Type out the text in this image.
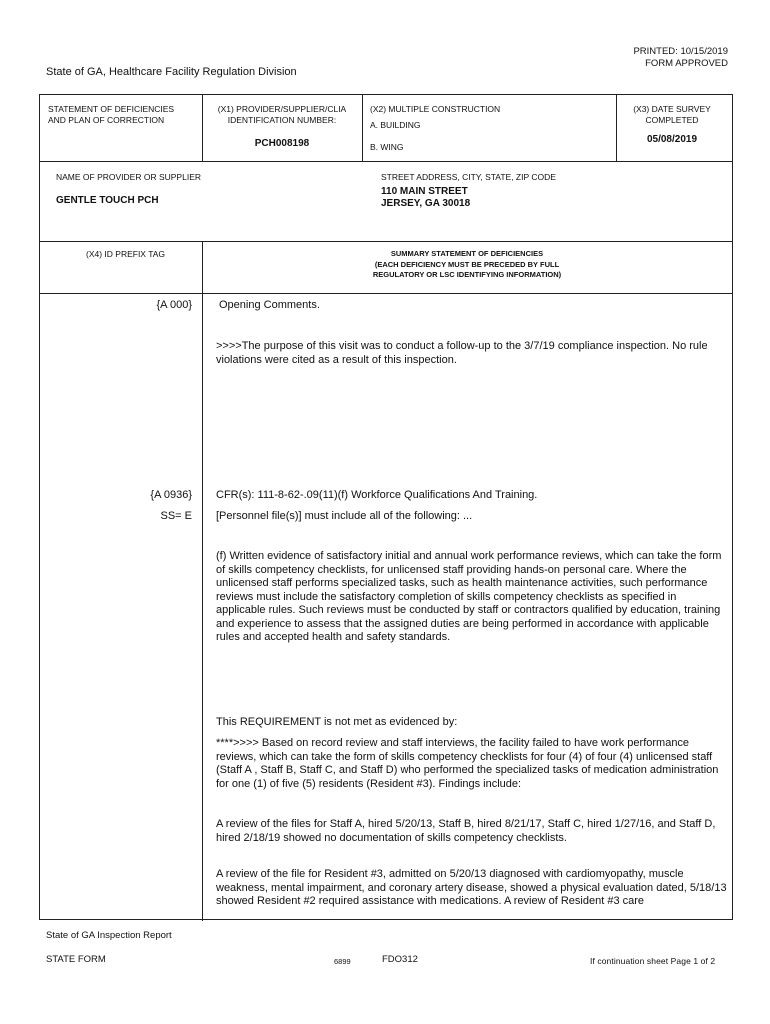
PRINTED: 10/15/2019
FORM APPROVED
State of GA, Healthcare Facility Regulation Division
STATEMENT OF DEFICIENCIES
AND PLAN OF CORRECTION
(X1) PROVIDER/SUPPLIER/CLIA
IDENTIFICATION NUMBER:
PCH008198
(X2) MULTIPLE CONSTRUCTION
A. BUILDING
B. WING
(X3) DATE SURVEY
COMPLETED
05/08/2019
NAME OF PROVIDER OR SUPPLIER
GENTLE TOUCH PCH
STREET ADDRESS, CITY, STATE, ZIP CODE
110 MAIN STREET
JERSEY, GA 30018
(X4) ID PREFIX TAG	SUMMARY STATEMENT OF DEFICIENCIES
(EACH DEFICIENCY MUST BE PRECEDED BY FULL
REGULATORY OR LSC IDENTIFYING INFORMATION)
{A 000} Opening Comments.
>>>>The purpose of this visit was to conduct a follow-up to the 3/7/19 compliance inspection. No rule violations were cited as a result of this inspection.
{A 0936}
SS= E
CFR(s): 111-8-62-.09(11)(f) Workforce Qualifications And Training.
[Personnel file(s)] must include all of the following: ...
(f) Written evidence of satisfactory initial and annual work performance reviews, which can take the form of skills competency checklists, for unlicensed staff providing hands-on personal care. Where the unlicensed staff performs specialized tasks, such as health maintenance activities, such performance reviews must include the satisfactory completion of skills competency checklists as specified in applicable rules. Such reviews must be conducted by staff or contractors qualified by education, training and experience to assess that the assigned duties are being performed in accordance with applicable rules and accepted health and safety standards.
This REQUIREMENT is not met as evidenced by:
****>>>> Based on record review and staff interviews, the facility failed to have work performance reviews, which can take the form of skills competency checklists for four (4) of four (4) unlicensed staff (Staff A , Staff B, Staff C, and Staff D) who performed the specialized tasks of medication administration for one (1) of five (5) residents (Resident #3). Findings include:
A review of the files for Staff A, hired 5/20/13, Staff B, hired 8/21/17, Staff C, hired 1/27/16, and Staff D, hired 2/18/19 showed no documentation of skills competency checklists.
A review of the file for Resident #3, admitted on 5/20/13 diagnosed with cardiomyopathy, muscle weakness, mental impairment, and coronary artery disease, showed a physical evaluation dated, 5/18/13 showed Resident #2 required assistance with medications. A review of Resident #3 care
State of GA Inspection Report
STATE FORM	6899	FDO312	If continuation sheet Page 1 of 2
